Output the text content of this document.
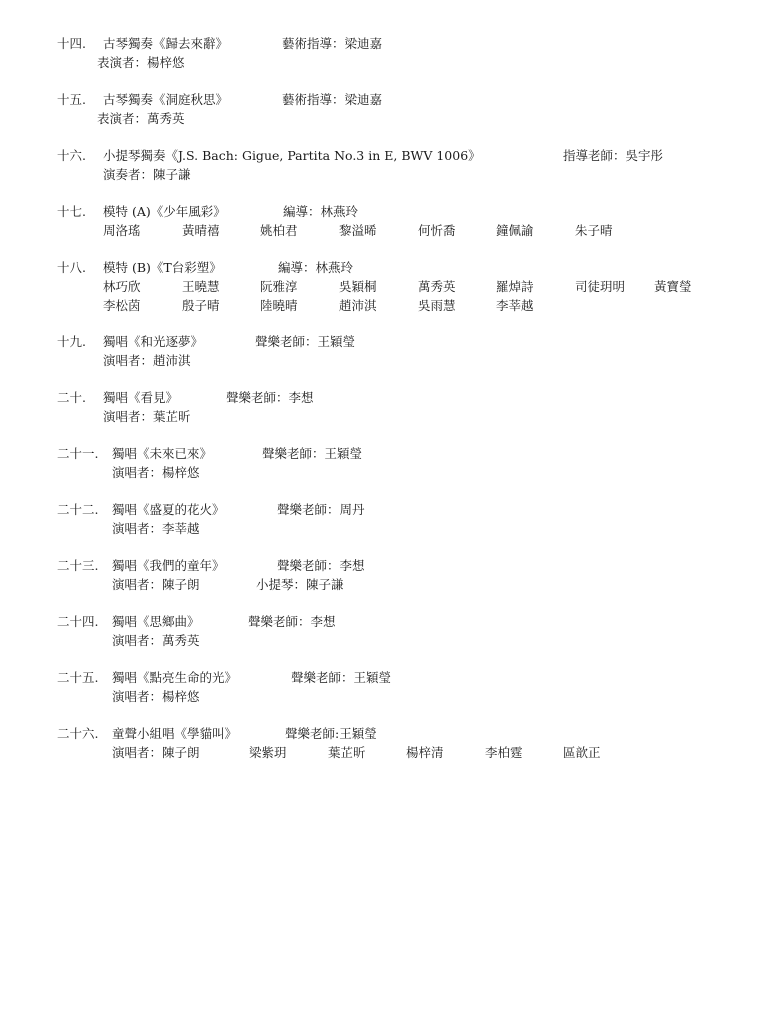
十四. 古琴獨奏《歸去來辭》	藝術指導：梁迪嘉
表演者：楊梓悠
十五. 古琴獨奏《洞庭秋思》	藝術指導：梁迪嘉
表演者：萬秀英
十六. 小提琴獨奏《J.S. Bach: Gigue, Partita No.3 in E, BWV 1006》	指導老師：吳宇彤
演奏者：陳子謙
十七. 模特 (A)《少年風彩》	編導：林燕玲
周洛瑤	黃晴禧	姚柏君	黎溢晞	何忻喬	鐘佩諭	朱子晴
十八. 模特 (B)《T台彩塑》	編導：林燕玲
林巧欣	王曉慧	阮雅淳	吳穎桐	萬秀英	羅焯詩	司徒玥明 黃寶瑩
李松茵	殷子晴	陸曉晴	趙沛淇	吳雨慧	李莘越
十九. 獨唱《和光逐夢》	聲樂老師：王穎瑩
演唱者：趙沛淇
二十. 獨唱《看見》	聲樂老師：李想
演唱者：葉芷昕
二十一. 獨唱《未來已來》	聲樂老師：王穎瑩
演唱者：楊梓悠
二十二. 獨唱《盛夏的花火》	聲樂老師：周丹
演唱者：李莘越
二十三. 獨唱《我們的童年》	聲樂老師：李想
演唱者：陳子朗	小提琴：陳子謙
二十四. 獨唱《思鄉曲》	聲樂老師：李想
演唱者：萬秀英
二十五. 獨唱《點亮生命的光》	聲樂老師：王穎瑩
演唱者：楊梓悠
二十六. 童聲小組唱《學貓叫》	聲樂老師:王穎瑩
演唱者：陳子朗	梁紫玥	葉芷昕	楊梓清	李柏霆	區歆正
